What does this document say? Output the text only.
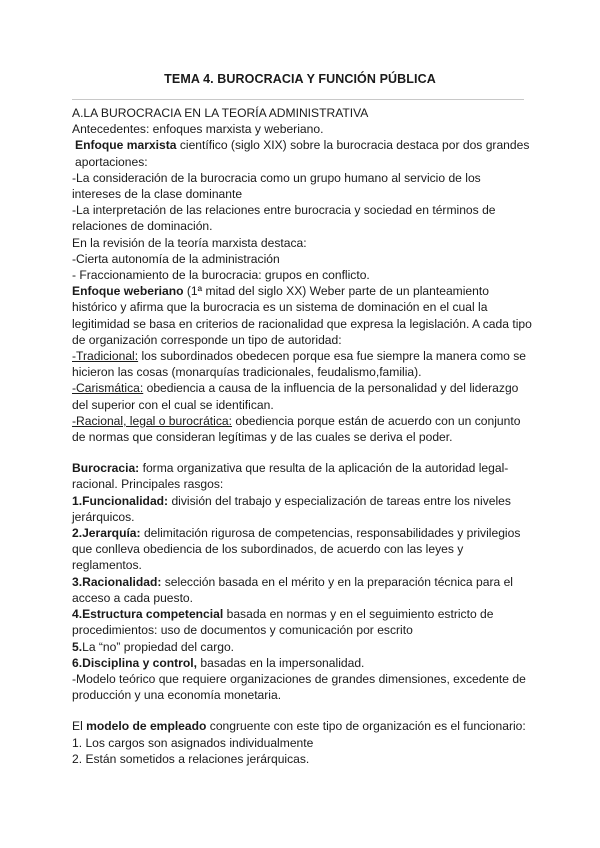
TEMA 4. BUROCRACIA Y FUNCIÓN PÚBLICA

A.LA BUROCRACIA EN LA TEORÍA ADMINISTRATIVA

Antecedentes: enfoques marxista y weberiano.

Enfoque marxista científico (siglo XIX) sobre la burocracia destaca por dos grandes aportaciones:

-La consideración de la burocracia como un grupo humano al servicio de los intereses de la clase dominante

-La interpretación de las relaciones entre burocracia y sociedad en términos de relaciones de dominación.

En la revisión de la teoría marxista destaca:

-Cierta autonomía de la administración

- Fraccionamiento de la burocracia: grupos en conflicto.

Enfoque weberiano (1ª mitad del siglo XX) Weber parte de un planteamiento histórico y afirma que la burocracia es un sistema de dominación en el cual la legitimidad se basa en criterios de racionalidad que expresa la legislación. A cada tipo de organización corresponde un tipo de autoridad:

-Tradicional: los subordinados obedecen porque esa fue siempre la manera como se hicieron las cosas (monarquías tradicionales, feudalismo,familia).

-Carismática: obediencia a causa de la influencia de la personalidad y del liderazgo del superior con el cual se identifican.

-Racional, legal o burocrática: obediencia porque están de acuerdo con un conjunto de normas que consideran legítimas y de las cuales se deriva el poder.

Burocracia: forma organizativa que resulta de la aplicación de la autoridad legal-racional. Principales rasgos:

1.Funcionalidad: división del trabajo y especialización de tareas entre los niveles jerárquicos.

2.Jerarquía: delimitación rigurosa de competencias, responsabilidades y privilegios que conlleva obediencia de los subordinados, de acuerdo con las leyes y reglamentos.

3.Racionalidad: selección basada en el mérito y en la preparación técnica para el acceso a cada puesto.

4.Estructura competencial basada en normas y en el seguimiento estricto de procedimientos: uso de documentos y comunicación por escrito

5.La “no” propiedad del cargo.

6.Disciplina y control, basadas en la impersonalidad.

-Modelo teórico que requiere organizaciones de grandes dimensiones, excedente de producción y una economía monetaria.

El modelo de empleado congruente con este tipo de organización es el funcionario:

1. Los cargos son asignados individualmente

2. Están sometidos a relaciones jerárquicas.
